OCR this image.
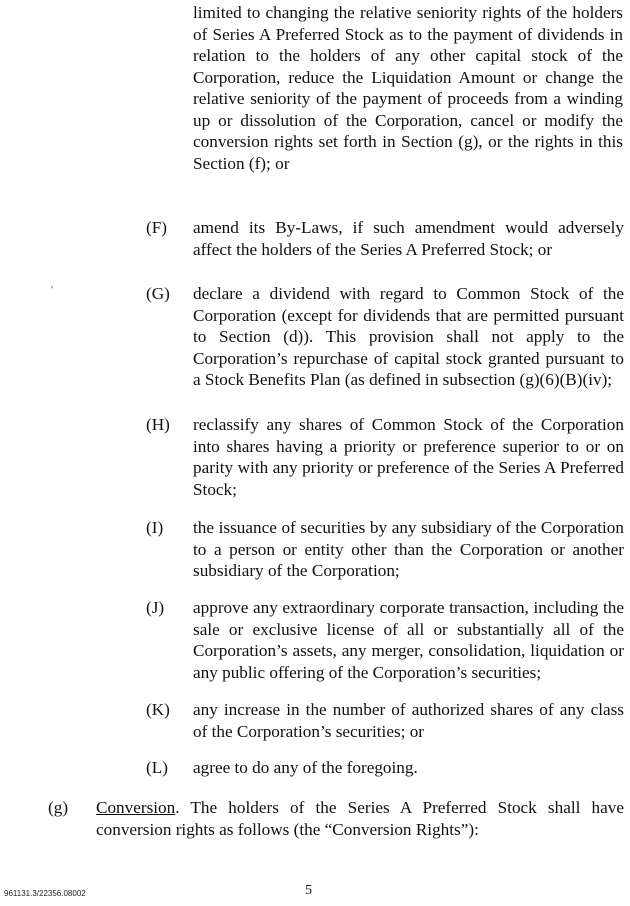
limited to changing the relative seniority rights of the holders of Series A Preferred Stock as to the payment of dividends in relation to the holders of any other capital stock of the Corporation, reduce the Liquidation Amount or change the relative seniority of the payment of proceeds from a winding up or dissolution of the Corporation, cancel or modify the conversion rights set forth in Section (g), or the rights in this Section (f); or

(F) amend its By-Laws, if such amendment would adversely affect the holders of the Series A Preferred Stock; or
(G) declare a dividend with regard to Common Stock of the Corporation (except for dividends that are permitted pursuant to Section (d)). This provision shall not apply to the Corporation’s repurchase of capital stock granted pursuant to a Stock Benefits Plan (as defined in subsection (g)(6)(B)(iv);
(H) reclassify any shares of Common Stock of the Corporation into shares having a priority or preference superior to or on parity with any priority or preference of the Series A Preferred Stock;
(I) the issuance of securities by any subsidiary of the Corporation to a person or entity other than the Corporation or another subsidiary of the Corporation;
(J) approve any extraordinary corporate transaction, including the sale or exclusive license of all or substantially all of the Corporation’s assets, any merger, consolidation, liquidation or any public offering of the Corporation’s securities;
(K) any increase in the number of authorized shares of any class of the Corporation’s securities; or
(L) agree to do any of the foregoing.
(g) Conversion. The holders of the Series A Preferred Stock shall have conversion rights as follows (the “Conversion Rights”):
'
961131.3/22356.08002	5
